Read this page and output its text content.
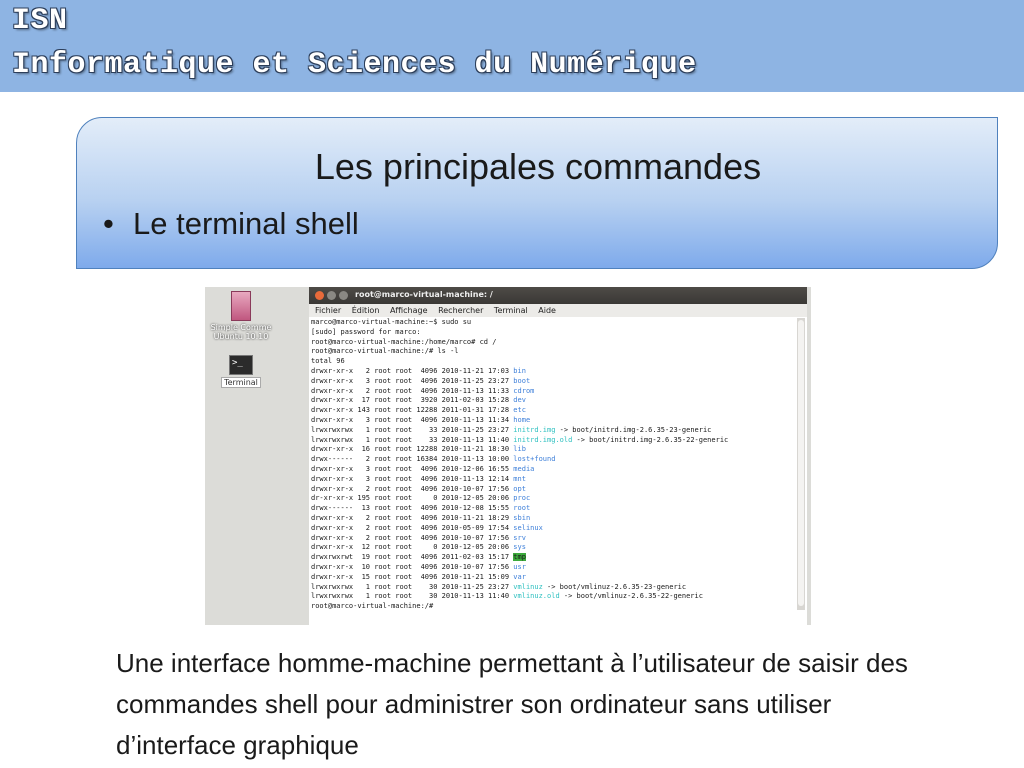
ISN
Informatique et Sciences du Numérique
Les principales commandes
• Le terminal shell
Simple Comme Ubuntu 10.10
>_
Terminal
root@marco-virtual-machine: /
Fichier Édition Affichage Rechercher Terminal Aide
marco@marco-virtual-machine:~$ sudo su
[sudo] password for marco:
root@marco-virtual-machine:/home/marco# cd /
root@marco-virtual-machine:/# ls -l
total 96
drwxr-xr-x   2 root root  4096 2010-11-21 17:03 bin
drwxr-xr-x   3 root root  4096 2010-11-25 23:27 boot
drwxr-xr-x   2 root root  4096 2010-11-13 11:33 cdrom
drwxr-xr-x  17 root root  3920 2011-02-03 15:28 dev
drwxr-xr-x 143 root root 12288 2011-01-31 17:28 etc
drwxr-xr-x   3 root root  4096 2010-11-13 11:34 home
lrwxrwxrwx   1 root root    33 2010-11-25 23:27 initrd.img -> boot/initrd.img-2.6.35-23-generic
lrwxrwxrwx   1 root root    33 2010-11-13 11:40 initrd.img.old -> boot/initrd.img-2.6.35-22-generic
drwxr-xr-x  16 root root 12288 2010-11-21 18:30 lib
drwx------   2 root root 16384 2010-11-13 10:00 lost+found
drwxr-xr-x   3 root root  4096 2010-12-06 16:55 media
drwxr-xr-x   3 root root  4096 2010-11-13 12:14 mnt
drwxr-xr-x   2 root root  4096 2010-10-07 17:56 opt
dr-xr-xr-x 195 root root     0 2010-12-05 20:06 proc
drwx------  13 root root  4096 2010-12-08 15:55 root
drwxr-xr-x   2 root root  4096 2010-11-21 18:29 sbin
drwxr-xr-x   2 root root  4096 2010-05-09 17:54 selinux
drwxr-xr-x   2 root root  4096 2010-10-07 17:56 srv
drwxr-xr-x  12 root root     0 2010-12-05 20:06 sys
drwxrwxrwt  19 root root  4096 2011-02-03 15:17 tmp
drwxr-xr-x  10 root root  4096 2010-10-07 17:56 usr
drwxr-xr-x  15 root root  4096 2010-11-21 15:09 var
lrwxrwxrwx   1 root root    30 2010-11-25 23:27 vmlinuz -> boot/vmlinuz-2.6.35-23-generic
lrwxrwxrwx   1 root root    30 2010-11-13 11:40 vmlinuz.old -> boot/vmlinuz-2.6.35-22-generic
root@marco-virtual-machine:/#
Une interface homme-machine permettant à l’utilisateur de saisir des commandes shell pour administrer son ordinateur sans utiliser d’interface graphique
